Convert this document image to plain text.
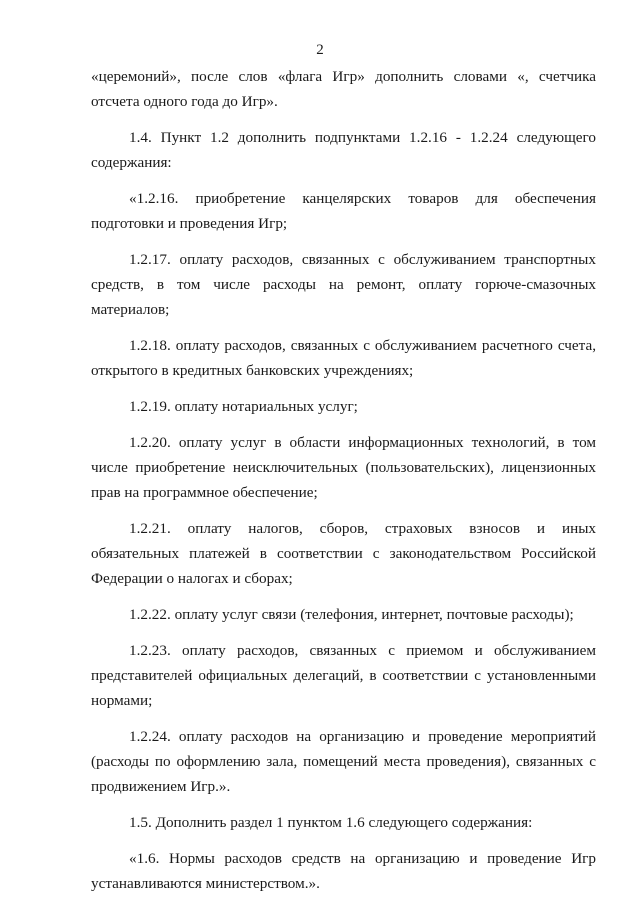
2

«церемоний», после слов «флага Игр» дополнить словами «, счетчика отсчета одного года до Игр».

1.4. Пункт 1.2 дополнить подпунктами 1.2.16 - 1.2.24 следующего содержания:

«1.2.16. приобретение канцелярских товаров для обеспечения подготовки и проведения Игр;

1.2.17. оплату расходов, связанных с обслуживанием транспортных средств, в том числе расходы на ремонт, оплату горюче-смазочных материалов;

1.2.18. оплату расходов, связанных с обслуживанием расчетного счета, открытого в кредитных банковских учреждениях;

1.2.19. оплату нотариальных услуг;

1.2.20. оплату услуг в области информационных технологий, в том числе приобретение неисключительных (пользовательских), лицензионных прав на программное обеспечение;

1.2.21. оплату налогов, сборов, страховых взносов и иных обязательных платежей в соответствии с законодательством Российской Федерации о налогах и сборах;

1.2.22. оплату услуг связи (телефония, интернет, почтовые расходы);

1.2.23. оплату расходов, связанных с приемом и обслуживанием представителей официальных делегаций, в соответствии с установленными нормами;

1.2.24. оплату расходов на организацию и проведение мероприятий (расходы по оформлению зала, помещений места проведения), связанных с продвижением Игр.».

1.5. Дополнить раздел 1 пунктом 1.6 следующего содержания:

«1.6. Нормы расходов средств на организацию и проведение Игр устанавливаются министерством.».
